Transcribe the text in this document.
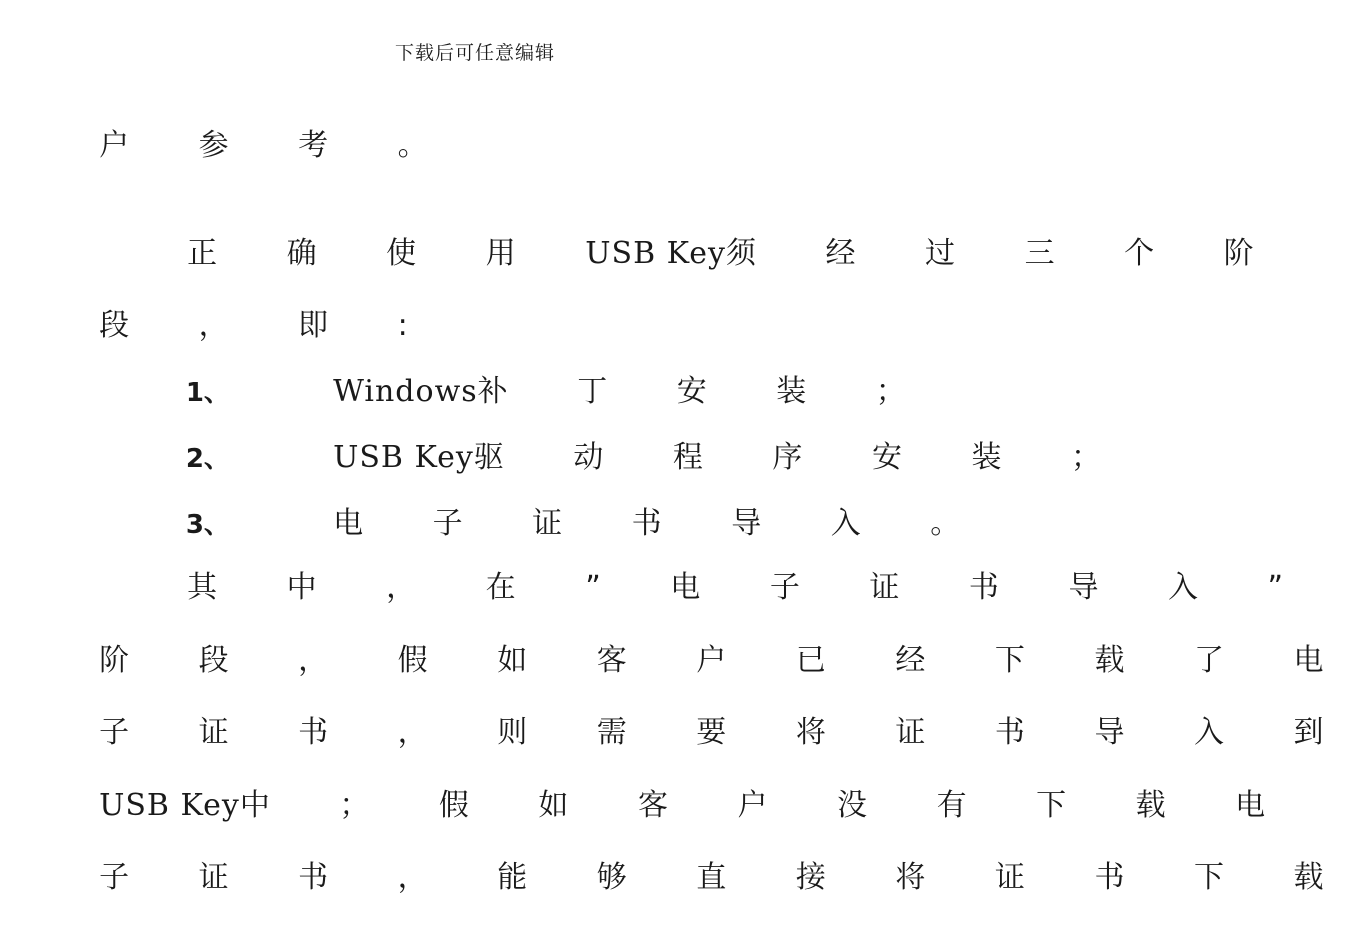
下载后可任意编辑

户 参 考 。

正 确 使 用 USB Key须 经 过 三 个 阶

段 ， 即 :

1、	Windows补 丁 安 装 ；

2、	USB Key驱 动 程 序 安 装 ；

3、	电 子 证 书 导 入 。

其 中 ， 在 ” 电 子 证 书 导 入 ”

阶 段 ， 假 如 客 户 已 经 下 载 了 电

子 证 书 ， 则 需 要 将 证 书 导 入 到

USB Key中 ； 假 如 客 户 没 有 下 载 电

子 证 书 ， 能 够 直 接 将 证 书 下 载
